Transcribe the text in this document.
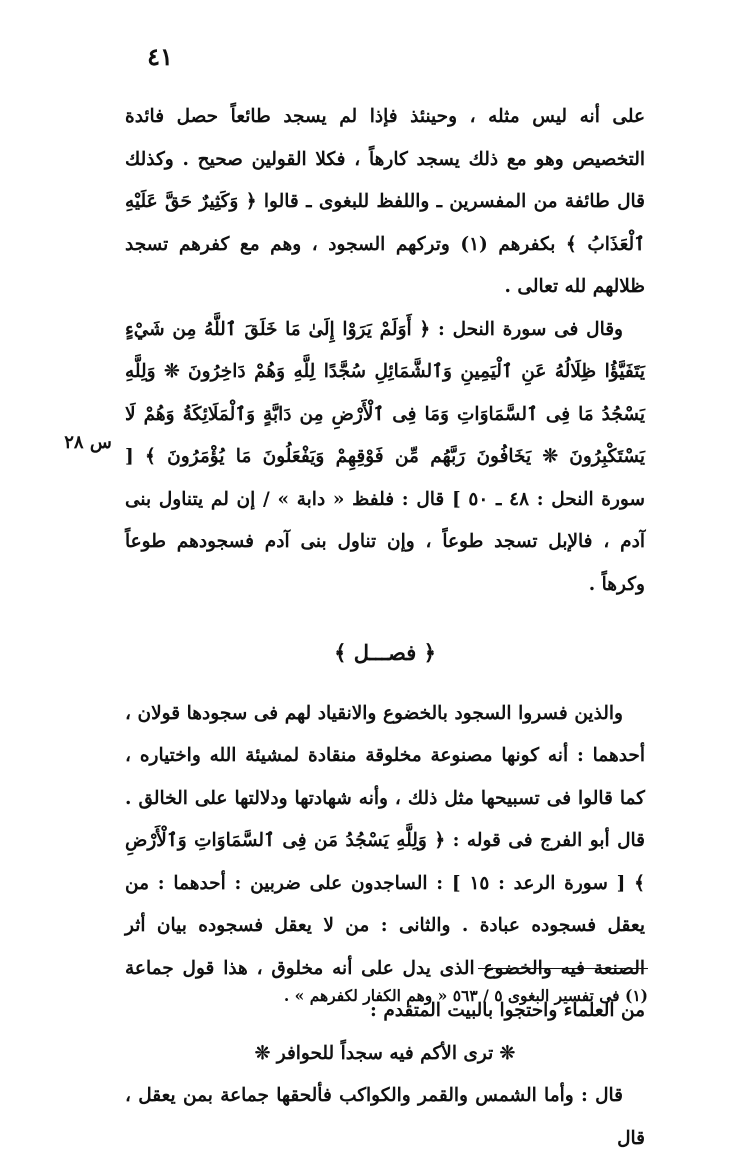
٤١
س ٢٨

على أنه ليس مثله ، وحينئذ فإذا لم يسجد طائعاً حصل فائدة التخصيص وهو مع ذلك يسجد كارهاً ، فكلا القولين صحيح . وكذلك قال طائفة من المفسرين ـ واللفظ للبغوى ـ قالوا ﴿ وَكَثِيرٌ حَقَّ عَلَيْهِ ٱلْعَذَابُ ﴾ بكفرهم (١) وتركهم السجود ، وهم مع كفرهم تسجد ظلالهم لله تعالى .

وقال فى سورة النحل : ﴿ أَوَلَمْ يَرَوْا إِلَىٰ مَا خَلَقَ ٱللَّهُ مِن شَيْءٍ يَتَفَيَّؤُا ظِلَالُهُ عَنِ ٱلْيَمِينِ وَٱلشَّمَائِلِ سُجَّدًا لِلَّهِ وَهُمْ دَاخِرُونَ ❊ وَلِلَّهِ يَسْجُدُ مَا فِى ٱلسَّمَاوَاتِ وَمَا فِى ٱلْأَرْضِ مِن دَابَّةٍ وَٱلْمَلَائِكَةُ وَهُمْ لَا يَسْتَكْبِرُونَ ❊ يَخَافُونَ رَبَّهُم مِّن فَوْقِهِمْ وَيَفْعَلُونَ مَا يُؤْمَرُونَ ﴾ [ سورة النحل : ٤٨ ـ ٥٠ ] قال : فلفظ « دابة » / إن لم يتناول بنى آدم ، فالإبل تسجد طوعاً ، وإن تناول بنى آدم فسجودهم طوعاً وكرهاً .

﴿ فصـــل ﴾

والذين فسروا السجود بالخضوع والانقياد لهم فى سجودها قولان ، أحدهما : أنه كونها مصنوعة مخلوقة منقادة لمشيئة الله واختياره ، كما قالوا فى تسبيحها مثل ذلك ، وأنه شهادتها ودلالتها على الخالق . قال أبو الفرج فى قوله : ﴿ وَلِلَّهِ يَسْجُدُ مَن فِى ٱلسَّمَاوَاتِ وَٱلْأَرْضِ ﴾ [ سورة الرعد : ١٥ ] : الساجدون على ضربين : أحدهما : من يعقل فسجوده عبادة . والثانى : من لا يعقل فسجوده بيان أثر الصنعة فيه والخضوع الذى يدل على أنه مخلوق ، هذا قول جماعة من العلماء واحتجوا بالبيت المتقدم :

❊ ترى الأكم فيه سجداً للحوافر ❊

قال : وأما الشمس والقمر والكواكب فألحقها جماعة بمن يعقل ، قال

(١) فى تفسير البغوى ٥ / ٥٦٣ « وهم الكفار لكفرهم » .
